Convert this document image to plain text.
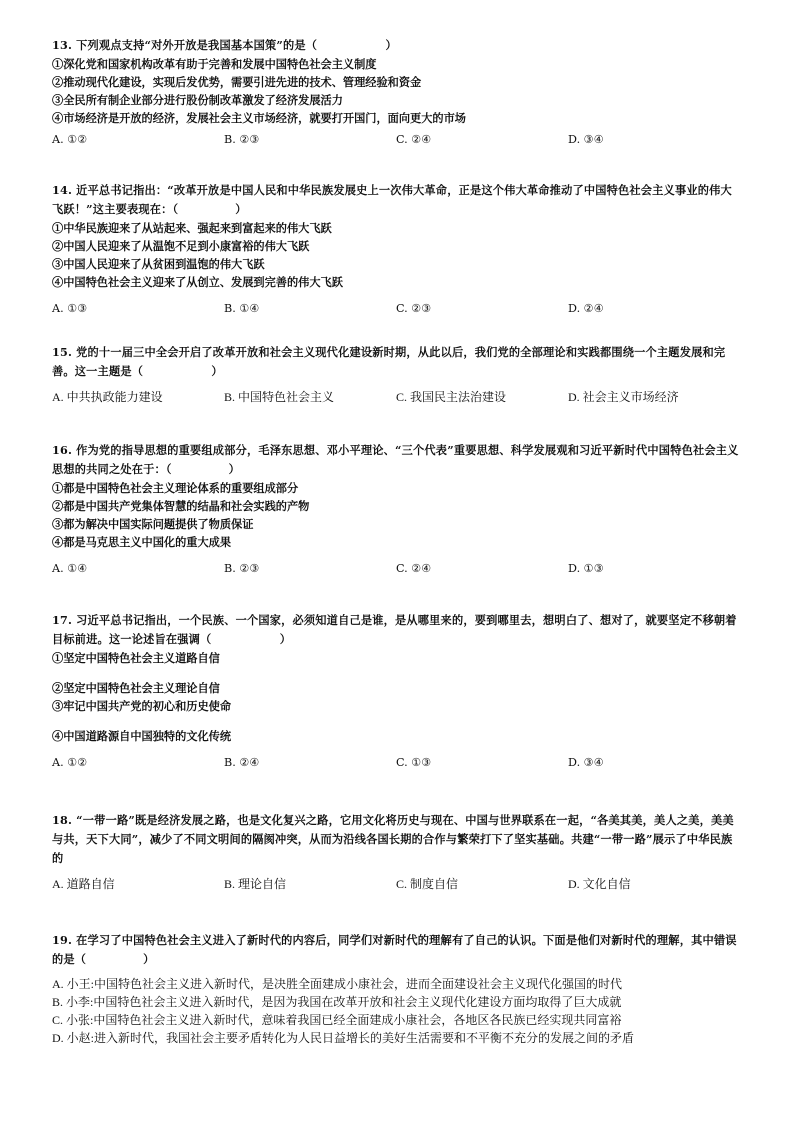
13. 下列观点支持“对外开放是我国基本国策”的是（　　　　　　）
①深化党和国家机构改革有助于完善和发展中国特色社会主义制度
②推动现代化建设，实现后发优势，需要引进先进的技术、管理经验和资金
③全民所有制企业部分进行股份制改革激发了经济发展活力
④市场经济是开放的经济，发展社会主义市场经济，就要打开国门，面向更大的市场
A. ①②	B. ②③	C. ②④	D. ③④
14. 近平总书记指出：“改革开放是中国人民和中华民族发展史上一次伟大革命，正是这个伟大革命推动了中国特色社会主义事业的伟大飞跃！”这主要表现在：（　　　　　）
①中华民族迎来了从站起来、强起来到富起来的伟大飞跃
②中国人民迎来了从温饱不足到小康富裕的伟大飞跃
③中国人民迎来了从贫困到温饱的伟大飞跃
④中国特色社会主义迎来了从创立、发展到完善的伟大飞跃
A. ①③	B. ①④	C. ②③	D. ②④
15. 党的十一届三中全会开启了改革开放和社会主义现代化建设新时期，从此以后，我们党的全部理论和实践都围绕一个主题发展和完善。这一主题是（　　　　　　）
A. 中共执政能力建设	B. 中国特色社会主义	C. 我国民主法治建设	D. 社会主义市场经济
16. 作为党的指导思想的重要组成部分，毛泽东思想、邓小平理论、“三个代表”重要思想、科学发展观和习近平新时代中国特色社会主义思想的共同之处在于：（　　　　　）
①都是中国特色社会主义理论体系的重要组成部分
②都是中国共产党集体智慧的结晶和社会实践的产物
③都为解决中国实际问题提供了物质保证
④都是马克思主义中国化的重大成果
A. ①④	B. ②③	C. ②④	D. ①③
17. 习近平总书记指出，一个民族、一个国家，必须知道自己是谁，是从哪里来的，要到哪里去，想明白了、想对了，就要坚定不移朝着目标前进。这一论述旨在强调（　　　　　　）
①坚定中国特色社会主义道路自信
②坚定中国特色社会主义理论自信
③牢记中国共产党的初心和历史使命
④中国道路源自中国独特的文化传统
A. ①②	B. ②④	C. ①③	D. ③④
18. “一带一路”既是经济发展之路，也是文化复兴之路，它用文化将历史与现在、中国与世界联系在一起，“各美其美，美人之美，美美与共，天下大同”，减少了不同文明间的隔阂冲突，从而为沿线各国长期的合作与繁荣打下了坚实基础。共建“一带一路”展示了中华民族的
A. 道路自信	B. 理论自信	C. 制度自信	D. 文化自信
19. 在学习了中国特色社会主义进入了新时代的内容后，同学们对新时代的理解有了自己的认识。下面是他们对新时代的理解，其中错误的是（　　　　　）
A. 小王:中国特色社会主义进入新时代，是决胜全面建成小康社会，进而全面建设社会主义现代化强国的时代
B. 小李:中国特色社会主义进入新时代，是因为我国在改革开放和社会主义现代化建设方面均取得了巨大成就
C. 小张:中国特色社会主义进入新时代，意味着我国已经全面建成小康社会，各地区各民族已经实现共同富裕
D. 小赵:进入新时代，我国社会主要矛盾转化为人民日益增长的美好生活需要和不平衡不充分的发展之间的矛盾
